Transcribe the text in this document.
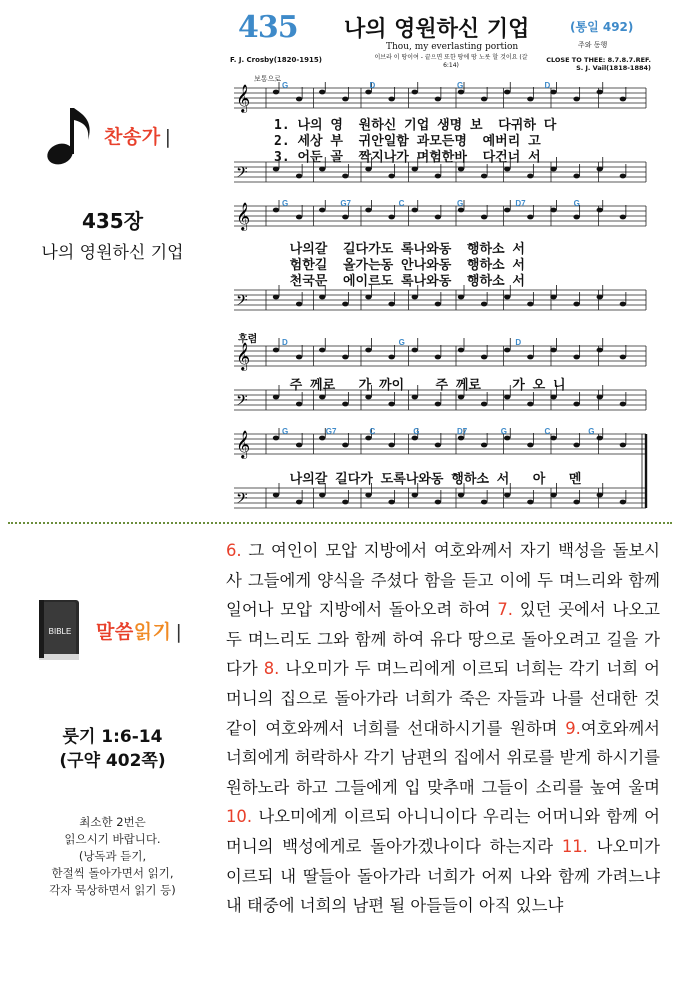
찬송가 |
435장
나의 영원하신 기업
435 나의 영원하신 기업	(통일 492)
Thou, my everlasting portion	주와 동행
F. J. Crosby(1820-1915)	이브라 이 땅이여 - 끝으면 또한 땅에 땅 노릇 할 것이요 (갈 6:14)
CLOSE TO THEE: 8.7.8.7.REF.
S. J. Vail(1818-1884)
보통으로
𝄞
𝄢
G	D	G	D
1. 나의 영  원하신 기업 생명 보  다귀하 다
2. 세상 부  귀안일함 과모든명  예버리 고
3. 어둔 골  짝지나가 며험한바  다건너 서
𝄞
𝄢
G	G7	C	G	D7	G
나의갈  길다가도 록나와동  행하소 서
험한길  올가는동 안나와동  행하소 서
천국문  에이르도 록나와동  행하소 서
후렴
𝄞
𝄢
D	G	D
주 께로   가 까이    주 께로    가 오 니
𝄞
𝄢
G	G7	C	G	D7	G	C	G
나의갈 길다가 도록나와동 행하소 서   아   멘
BIBLE 말씀읽기 |
룻기 1:6-14
(구약 402쪽)
최소한 2번은
읽으시기 바랍니다.
(낭독과 듣기,
한절씩 돌아가면서 읽기,
각자 묵상하면서 읽기 등)
6. 그 여인이 모압 지방에서 여호와께서 자기 백성을 돌보시사 그들에게 양식을 주셨다 함을 듣고 이에 두 며느리와 함께 일어나 모압 지방에서 돌아오려 하여 7. 있던 곳에서 나오고 두 며느리도 그와 함께 하여 유다 땅으로 돌아오려고 길을 가다가 8. 나오미가 두 며느리에게 이르되 너희는 각기 너희 어머니의 집으로 돌아가라 너희가 죽은 자들과 나를 선대한 것 같이 여호와께서 너희를 선대하시기를 원하며 9.여호와께서 너희에게 허락하사 각기 남편의 집에서 위로를 받게 하시기를 원하노라 하고 그들에게 입 맞추매 그들이 소리를 높여 울며 10. 나오미에게 이르되 아니니이다 우리는 어머니와 함께 어머니의 백성에게로 돌아가겠나이다 하는지라 11. 나오미가 이르되 내 딸들아 돌아가라 너희가 어찌 나와 함께 가려느냐 내 태중에 너희의 남편 될 아들들이 아직 있느냐
